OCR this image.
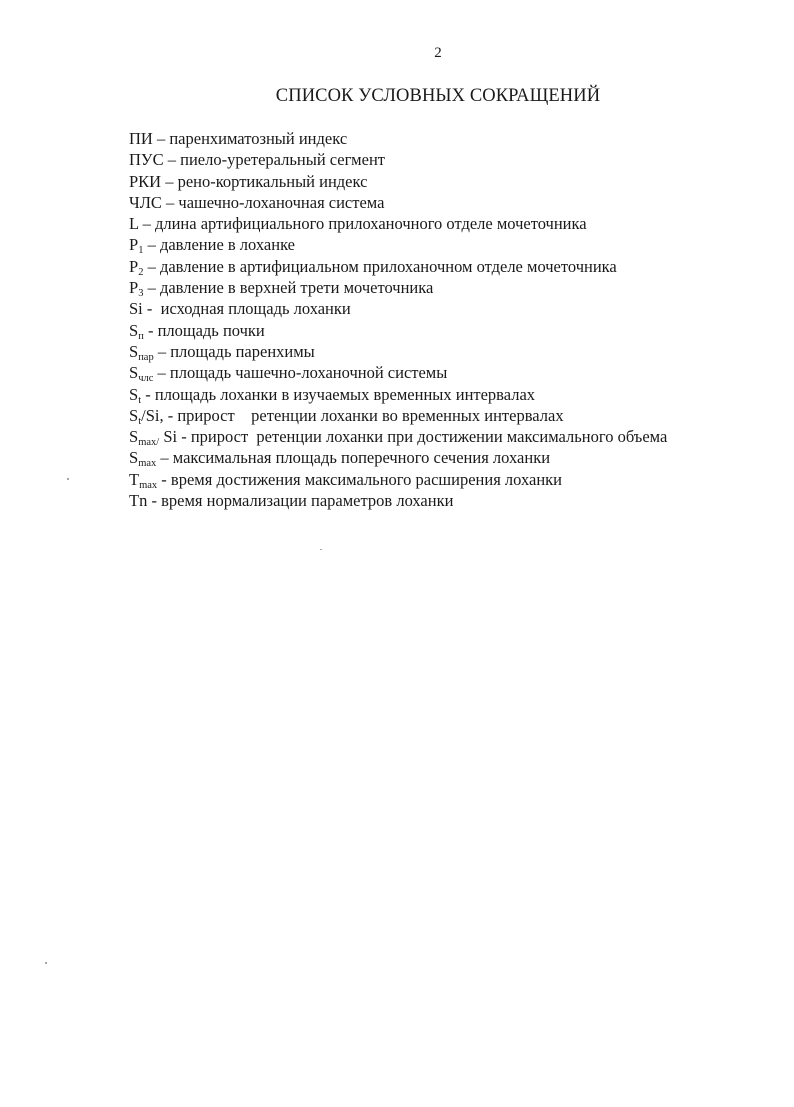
2
СПИСОК УСЛОВНЫХ СОКРАЩЕНИЙ
ПИ – паренхиматозный индекс
ПУС – пиело-уретеральный сегмент
РКИ – рено-кортикальный индекс
ЧЛС – чашечно-лоханочная система
L – длина артифициального прилоханочного отделе мочеточника
$P_1$ – давление в лоханке
$P_2$ – давление в артифициальном прилоханочном отделе мочеточника
$P_3$ – давление в верхней трети мочеточника
Si -  исходная площадь лоханки
$S_п$ - площадь почки
$S_{пар}$ – площадь паренхимы
$S_{члс}$ – площадь чашечно-лоханочной системы
$S_t$ - площадь лоханки в изучаемых временных интервалах
$S_t/Si$, - прирост    ретенции лоханки во временных интервалах
$S_{max/}$ Si - прирост  ретенции лоханки при достижении максимального объема
$S_{max}$ – максимальная площадь поперечного сечения лоханки
$T_{max}$ - время достижения максимального расширения лоханки
Tn - время нормализации параметров лоханки
